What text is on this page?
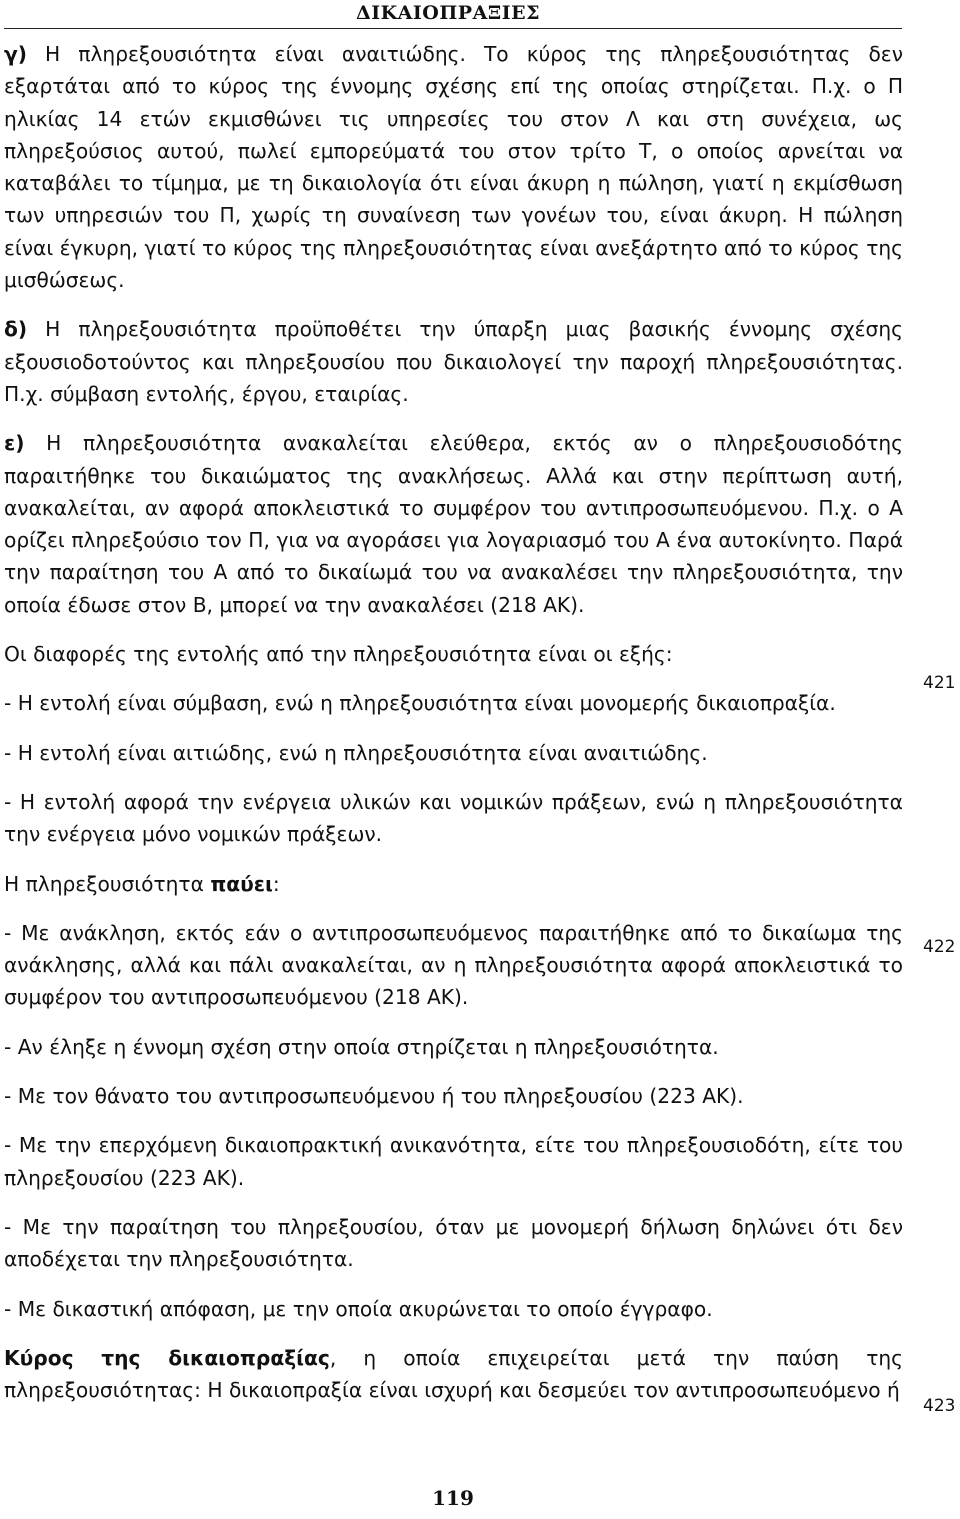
ΔΙΚΑΙΟΠΡΑΞΙΕΣ

γ) Η πληρεξουσιότητα είναι αναιτιώδης. Το κύρος της πληρεξουσιότητας δεν εξαρτάται από το κύρος της έννομης σχέσης επί της οποίας στηρίζεται. Π.χ. ο Π ηλικίας 14 ετών εκμισθώνει τις υπηρεσίες του στον Λ και στη συνέχεια, ως πληρεξούσιος αυτού, πωλεί εμπορεύματά του στον τρίτο Τ, ο οποίος αρνείται να καταβάλει το τίμημα, με τη δικαιολογία ότι είναι άκυρη η πώληση, γιατί η εκμίσθωση των υπηρεσιών του Π, χωρίς τη συναίνεση των γονέων του, είναι άκυρη. Η πώληση είναι έγκυρη, γιατί το κύρος της πληρεξουσιότητας είναι ανεξάρτητο από το κύρος της μισθώσεως.

δ) Η πληρεξουσιότητα προϋποθέτει την ύπαρξη μιας βασικής έννομης σχέσης εξουσιοδοτούντος και πληρεξουσίου που δικαιολογεί την παροχή πληρεξουσιότητας. Π.χ. σύμβαση εντολής, έργου, εταιρίας.

ε) Η πληρεξουσιότητα ανακαλείται ελεύθερα, εκτός αν ο πληρεξουσιοδότης παραιτήθηκε του δικαιώματος της ανακλήσεως. Αλλά και στην περίπτωση αυτή, ανακαλείται, αν αφορά αποκλειστικά το συμφέρον του αντιπροσωπευόμενου. Π.χ. ο Α ορίζει πληρεξούσιο τον Π, για να αγοράσει για λογαριασμό του Α ένα αυτοκίνητο. Παρά την παραίτηση του Α από το δικαίωμά του να ανακαλέσει την πληρεξουσιότητα, την οποία έδωσε στον Β, μπορεί να την ανακαλέσει (218 ΑΚ).

Οι διαφορές της εντολής από την πληρεξουσιότητα είναι οι εξής:

- Η εντολή είναι σύμβαση, ενώ η πληρεξουσιότητα είναι μονομερής δικαιοπραξία.

- Η εντολή είναι αιτιώδης, ενώ η πληρεξουσιότητα είναι αναιτιώδης.

- Η εντολή αφορά την ενέργεια υλικών και νομικών πράξεων, ενώ η πληρεξουσιότητα την ενέργεια μόνο νομικών πράξεων.

Η πληρεξουσιότητα παύει:

- Με ανάκληση, εκτός εάν ο αντιπροσωπευόμενος παραιτήθηκε από το δικαίωμα της ανάκλησης, αλλά και πάλι ανακαλείται, αν η πληρεξουσιότητα αφορά αποκλειστικά το συμφέρον του αντιπροσωπευόμενου (218 ΑΚ).

- Αν έληξε η έννομη σχέση στην οποία στηρίζεται η πληρεξουσιότητα.

- Με τον θάνατο του αντιπροσωπευόμενου ή του πληρεξουσίου (223 ΑΚ).

- Με την επερχόμενη δικαιοπρακτική ανικανότητα, είτε του πληρεξουσιοδότη, είτε του πληρεξουσίου (223 ΑΚ).

- Με την παραίτηση του πληρεξουσίου, όταν με μονομερή δήλωση δηλώνει ότι δεν αποδέχεται την πληρεξουσιότητα.

- Με δικαστική απόφαση, με την οποία ακυρώνεται το οποίο έγγραφο.

Κύρος της δικαιοπραξίας, η οποία επιχειρείται μετά την παύση της πληρεξουσιότητας: Η δικαιοπραξία είναι ισχυρή και δεσμεύει τον αντιπροσωπευόμενο ή

421
422
423
119
